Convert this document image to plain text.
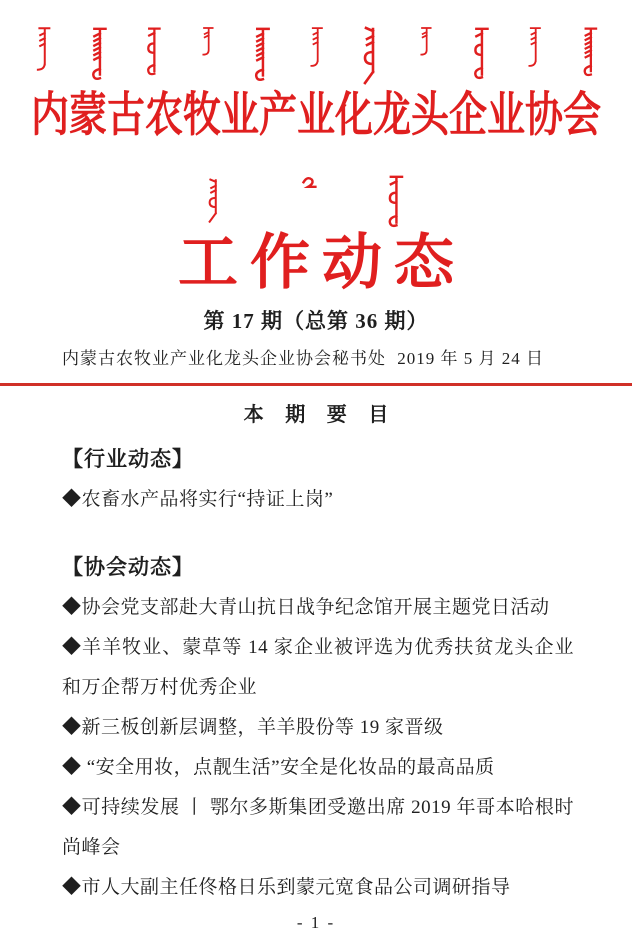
内蒙古农牧业产业化龙头企业协会
工作动态
第 17 期（总第 36 期）
内蒙古农牧业产业化龙头企业协会秘书处 2019 年 5 月 24 日
本 期 要 目
【行业动态】
◆农畜水产品将实行“持证上岗”
【协会动态】
◆协会党支部赴大青山抗日战争纪念馆开展主题党日活动
◆羊羊牧业、蒙草等 14 家企业被评选为优秀扶贫龙头企业和万企帮万村优秀企业
◆新三板创新层调整，羊羊股份等 19 家晋级
◆ “安全用妆，点靓生活”安全是化妆品的最高品质
◆可持续发展 丨 鄂尔多斯集团受邀出席 2019 年哥本哈根时尚峰会
◆市人大副主任佟格日乐到蒙元宽食品公司调研指导
- 1 -
